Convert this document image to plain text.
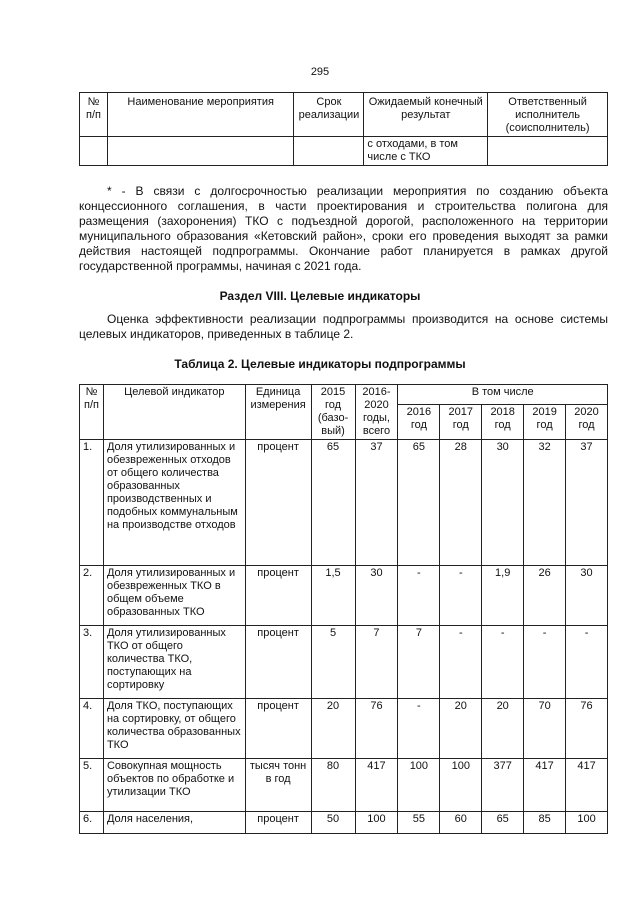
295
№ п/п	Наименование мероприятия	Срок реализации	Ожидаемый конечный результат	Ответственный исполнитель (соисполнитель)
			с отходами, в том числе с ТКО	
* - В связи с долгосрочностью реализации мероприятия по созданию объекта концессионного соглашения, в части проектирования и строительства полигона для размещения (захоронения) ТКО с подъездной дорогой, расположенного на территории муниципального образования «Кетовский район», сроки его проведения выходят за рамки действия настоящей подпрограммы. Окончание работ планируется в рамках другой государственной программы, начиная с 2021 года.
Раздел VIII. Целевые индикаторы
Оценка эффективности реализации подпрограммы производится на основе системы целевых индикаторов, приведенных в таблице 2.
Таблица 2. Целевые индикаторы подпрограммы
№ п/п	Целевой индикатор	Единица измерения	2015 год (базо-вый)	2016-2020 годы, всего	В том числе				
					2016 год	2017 год	2018 год	2019 год	2020 год
1.	Доля утилизированных и обезвреженных отходов от общего количества образованных производственных и подобных коммунальным на производстве отходов	процент	65	37	65	28	30	32	37
2.	Доля утилизированных и обезвреженных ТКО в общем объеме образованных ТКО	процент	1,5	30	-	-	1,9	26	30
3.	Доля утилизированных ТКО от общего количества ТКО, поступающих на сортировку	процент	5	7	7	-	-	-	-
4.	Доля ТКО, поступающих на сортировку, от общего количества образованных ТКО	процент	20	76	-	20	20	70	76
5.	Совокупная мощность объектов по обработке и утилизации ТКО	тысяч тонн в год	80	417	100	100	377	417	417
6.	Доля населения,	процент	50	100	55	60	65	85	100
